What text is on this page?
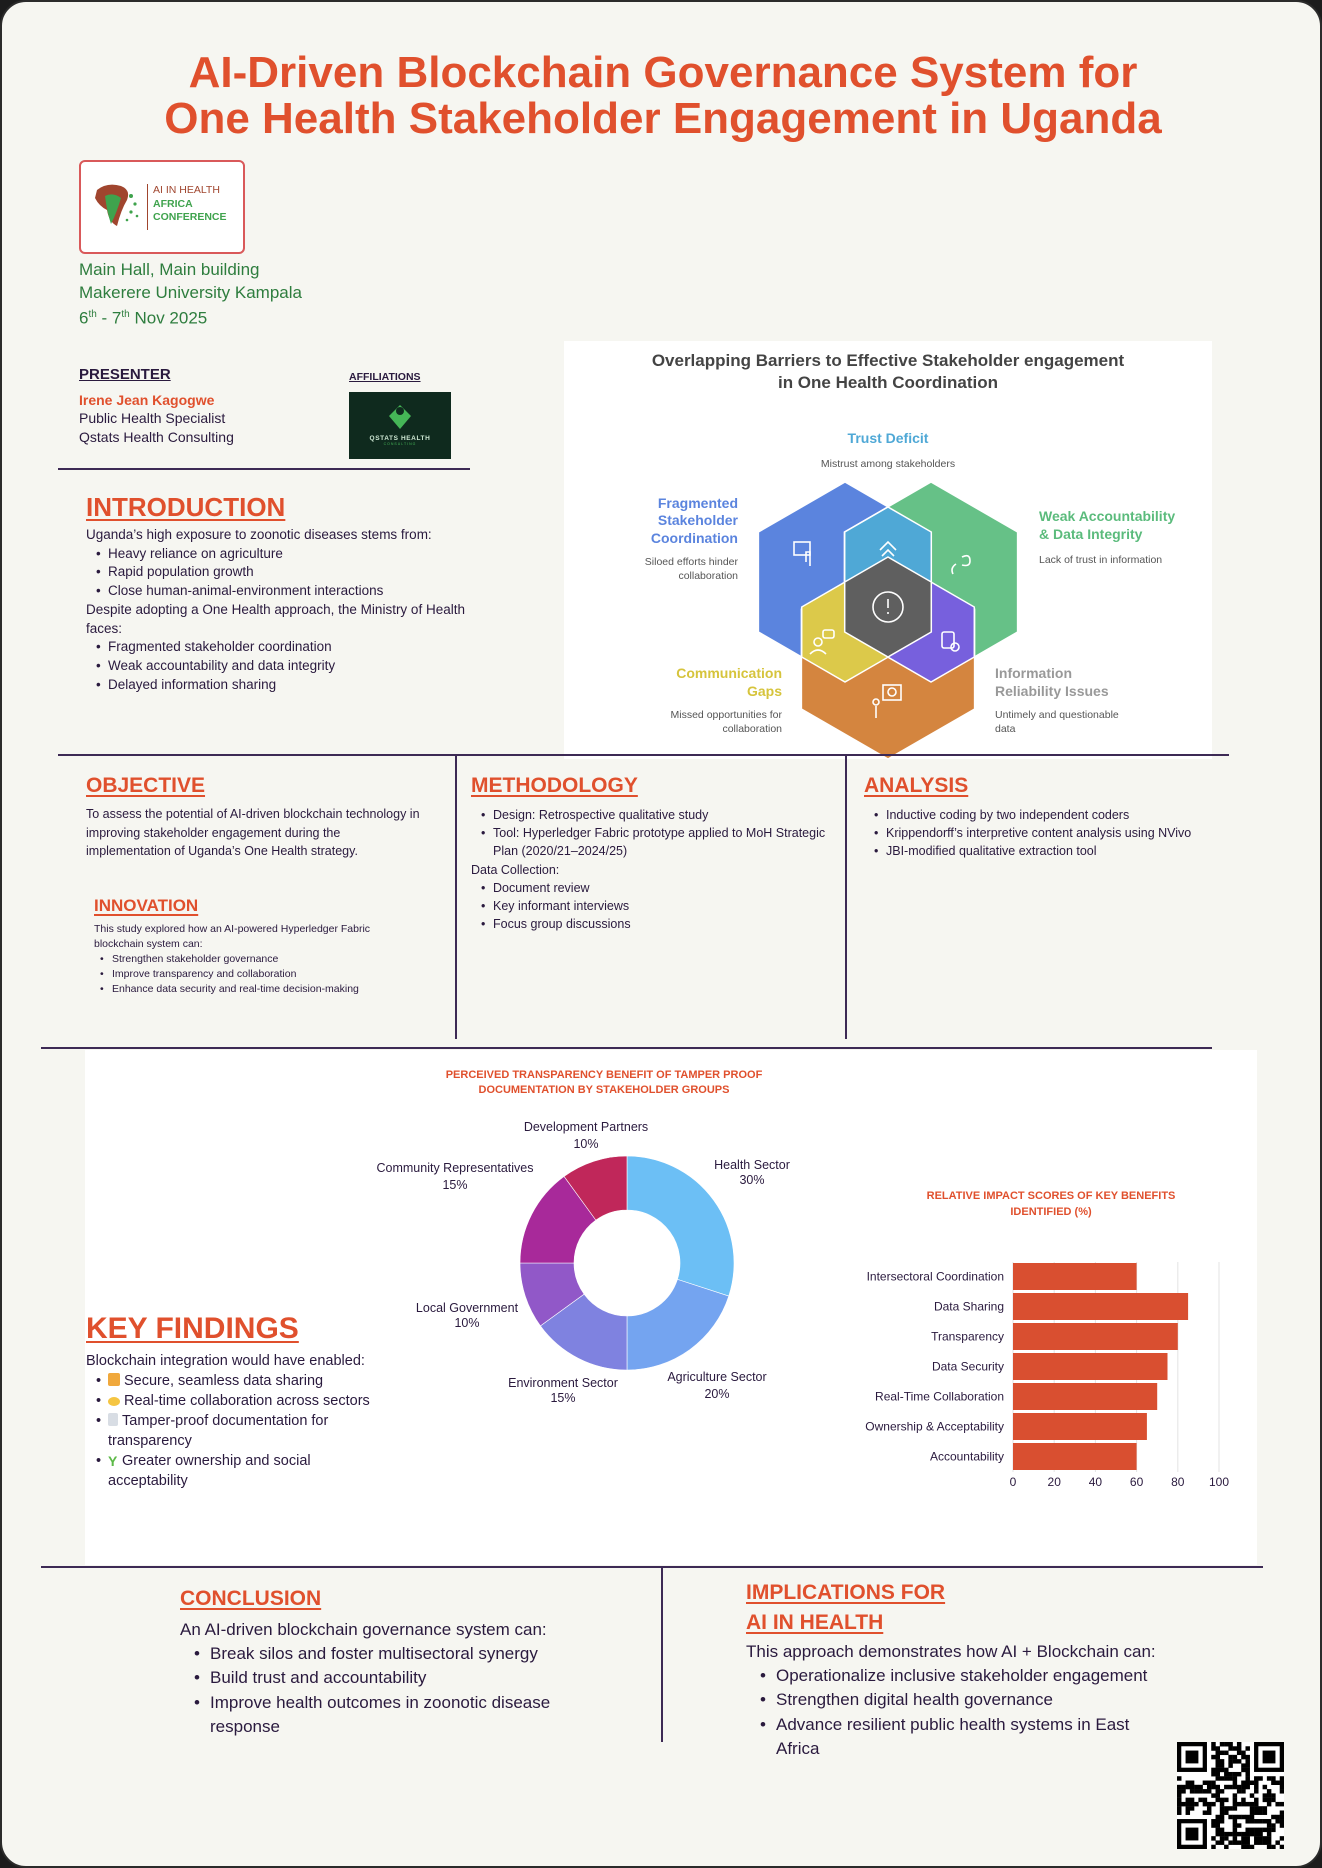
AI-Driven Blockchain Governance System for
One Health Stakeholder Engagement in Uganda
AI IN HEALTH
AFRICA
CONFERENCE
Main Hall, Main building
Makerere University Kampala
6th - 7th Nov 2025
PRESENTER
Irene Jean Kagogwe
Public Health Specialist
Qstats Health Consulting
AFFILIATIONS
QSTATS HEALTH
CONSULTING
INTRODUCTION
Uganda’s high exposure to zoonotic diseases stems from:
• Heavy reliance on agriculture
• Rapid population growth
• Close human-animal-environment interactions
Despite adopting a One Health approach, the Ministry of Health faces:
• Fragmented stakeholder coordination
• Weak accountability and data integrity
• Delayed information sharing
Overlapping Barriers to Effective Stakeholder engagement
in One Health Coordination
Trust Deficit
Mistrust among stakeholders
Fragmented
Stakeholder
Coordination
Siloed efforts hinder
collaboration
Weak Accountability
& Data Integrity
Lack of trust in information
Communication
Gaps
Missed opportunities for
collaboration
Information
Reliability Issues
Untimely and questionable
data
OBJECTIVE
To assess the potential of AI-driven blockchain technology in improving stakeholder engagement during the implementation of Uganda’s One Health strategy.
INNOVATION
This study explored how an AI-powered Hyperledger Fabric blockchain system can:
• Strengthen stakeholder governance
• Improve transparency and collaboration
• Enhance data security and real-time decision-making
METHODOLOGY
• Design: Retrospective qualitative study
• Tool: Hyperledger Fabric prototype applied to MoH Strategic Plan (2020/21–2024/25)
Data Collection:
• Document review
• Key informant interviews
• Focus group discussions
ANALYSIS
• Inductive coding by two independent coders
• Krippendorff’s interpretive content analysis using NVivo
• JBI-modified qualitative extraction tool
KEY FINDINGS
Blockchain integration would have enabled:
• Secure, seamless data sharing
• Real-time collaboration across sectors
• Tamper-proof documentation for transparency
• Y Greater ownership and social acceptability
PERCEIVED TRANSPARENCY BENEFIT OF TAMPER PROOF
DOCUMENTATION BY STAKEHOLDER GROUPS
Health Sector
30%
Agriculture Sector
20%
Environment Sector
15%
Local Government
10%
Community Representatives
15%
Development Partners
10%
RELATIVE IMPACT SCORES OF KEY BENEFITS
IDENTIFIED (%)
0	20 40 60 80 100
Intersectoral Coordination
Data Sharing
Transparency
Data Security
Real-Time Collaboration
Ownership & Acceptability
Accountability
CONCLUSION
An AI-driven blockchain governance system can:
• Break silos and foster multisectoral synergy
• Build trust and accountability
• Improve health outcomes in zoonotic disease response
IMPLICATIONS FOR
AI IN HEALTH
This approach demonstrates how AI + Blockchain can:
• Operationalize inclusive stakeholder engagement
• Strengthen digital health governance
• Advance resilient public health systems in East Africa
